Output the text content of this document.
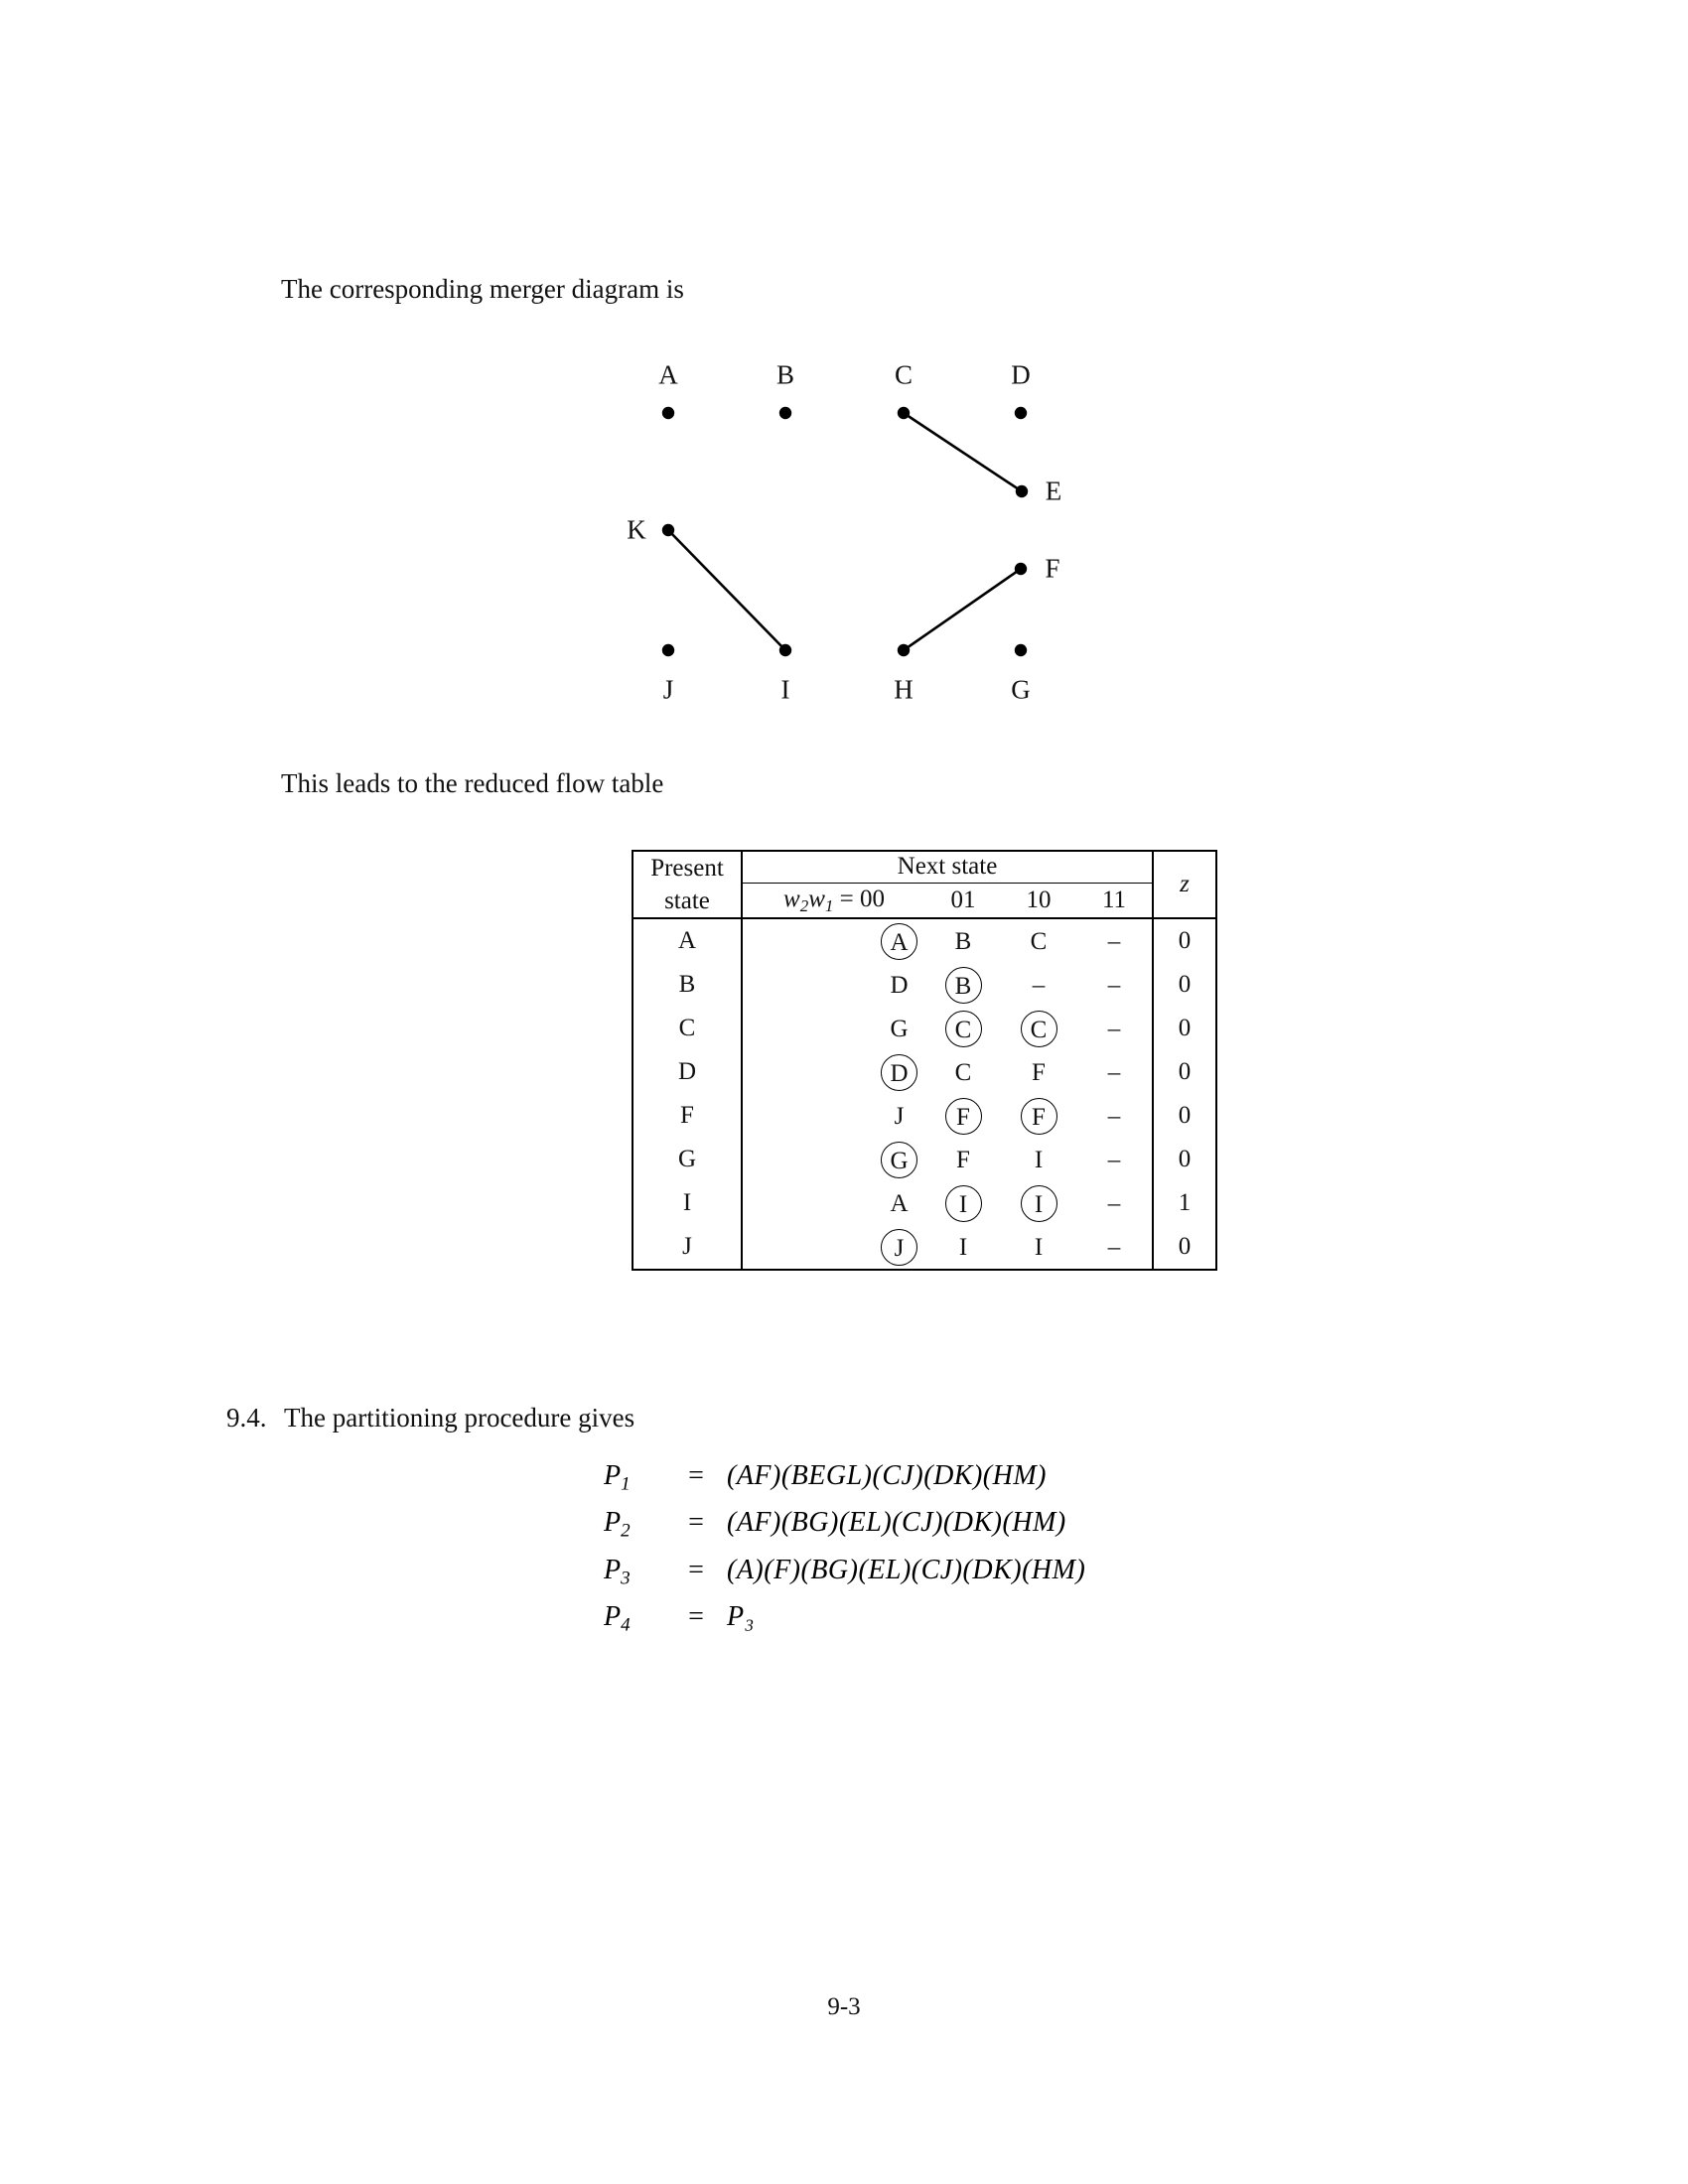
The corresponding merger diagram is
A	B	C	D
E
F
G
H
I
J
K
This leads to the reduced flow table
Present
state	Next state				z
	$w_2w_1 = 00$	01	10	11	
A	A	B	C	–	0
B	D	B	–	–	0
C	G	C	C	–	0
D	D	C	F	–	0
F	J	F	F	–	0
G	G	F	I	–	0
I	A	I	I	–	1
J	J	I	I	–	0
9.4. The partitioning procedure gives
$P_1$	=	(AF)(BEGL)(CJ)(DK)(HM)
$P_2$	=	(AF)(BG)(EL)(CJ)(DK)(HM)
$P_3$	=	(A)(F)(BG)(EL)(CJ)(DK)(HM)
$P_4$	=	P₃
9-3
